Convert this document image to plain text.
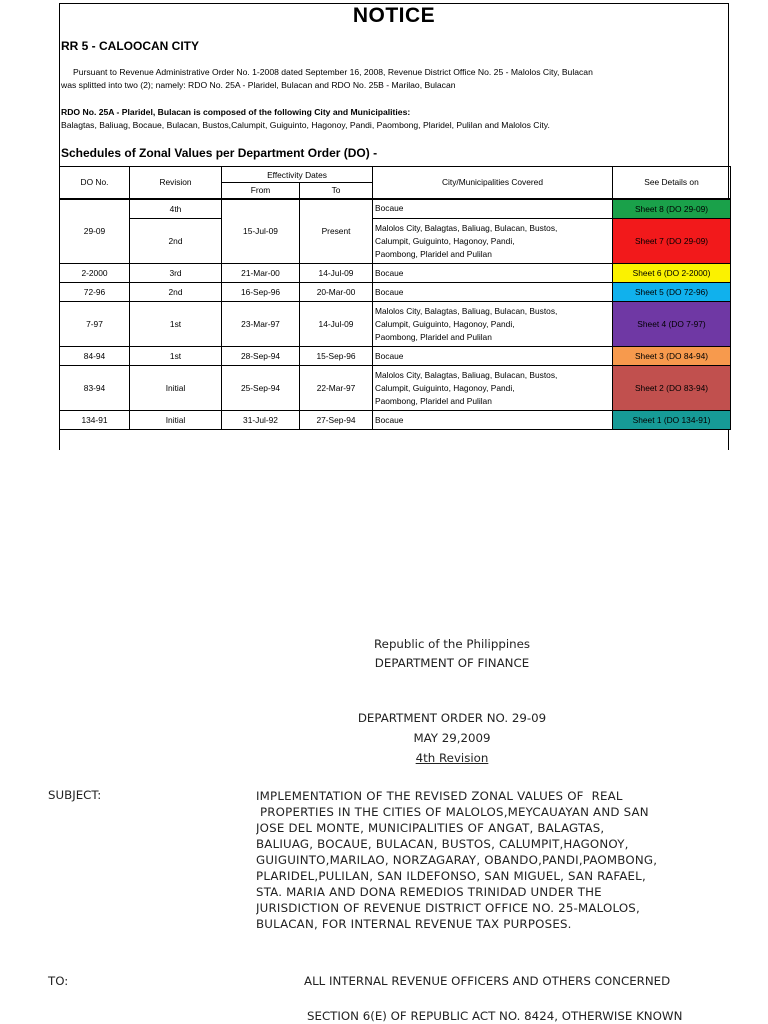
NOTICE
RR 5 - CALOOCAN CITY
Pursuant to Revenue Administrative Order No. 1-2008 dated September 16, 2008, Revenue District Office No. 25 - Malolos City, Bulacan
was splitted into two (2); namely: RDO No. 25A - Plaridel, Bulacan and RDO No. 25B - Marilao, Bulacan
RDO No. 25A - Plaridel, Bulacan is composed of the following City and Municipalities:
Balagtas, Baliuag, Bocaue, Bulacan, Bustos,Calumpit, Guiguinto, Hagonoy, Pandi, Paombong, Plaridel, Pulilan and Malolos City.
Schedules of Zonal Values per Department Order (DO) -
DO No.	Revision	Effectivity Dates		City/Municipalities Covered	See Details on
		From	To		
29-09	4th	15-Jul-09	Present	Bocaue	Sheet 8 (DO 29-09)
	2nd			Malolos City, Balagtas, Baliuag, Bulacan, Bustos,
Calumpit, Guiguinto, Hagonoy, Pandi,
Paombong, Plaridel and Pulilan	Sheet 7 (DO 29-09)
2-2000	3rd	21-Mar-00	14-Jul-09	Bocaue	Sheet 6 (DO 2-2000)
72-96	2nd	16-Sep-96	20-Mar-00	Bocaue	Sheet 5 (DO 72-96)
7-97	1st	23-Mar-97	14-Jul-09	Malolos City, Balagtas, Baliuag, Bulacan, Bustos,
Calumpit, Guiguinto, Hagonoy, Pandi,
Paombong, Plaridel and Pulilan	Sheet 4 (DO 7-97)
84-94	1st	28-Sep-94	15-Sep-96	Bocaue	Sheet 3 (DO 84-94)
83-94	Initial	25-Sep-94	22-Mar-97	Malolos City, Balagtas, Baliuag, Bulacan, Bustos,
Calumpit, Guiguinto, Hagonoy, Pandi,
Paombong, Plaridel and Pulilan	Sheet 2 (DO 83-94)
134-91	Initial	31-Jul-92	27-Sep-94	Bocaue	Sheet 1 (DO 134-91)
Republic of the Philippines
DEPARTMENT OF FINANCE
DEPARTMENT ORDER NO. 29-09
MAY 29,2009
4th Revision
SUBJECT:	IMPLEMENTATION OF THE REVISED ZONAL VALUES OF  REAL
PROPERTIES IN THE CITIES OF MALOLOS,MEYCAUAYAN AND SAN
JOSE DEL MONTE, MUNICIPALITIES OF ANGAT, BALAGTAS,
BALIUAG, BOCAUE, BULACAN, BUSTOS, CALUMPIT,HAGONOY,
GUIGUINTO,MARILAO, NORZAGARAY, OBANDO,PANDI,PAOMBONG,
PLARIDEL,PULILAN, SAN ILDEFONSO, SAN MIGUEL, SAN RAFAEL,
STA. MARIA AND DONA REMEDIOS TRINIDAD UNDER THE
JURISDICTION OF REVENUE DISTRICT OFFICE NO. 25-MALOLOS,
BULACAN, FOR INTERNAL REVENUE TAX PURPOSES.
TO:	ALL INTERNAL REVENUE OFFICERS AND OTHERS CONCERNED
SECTION 6(E) OF REPUBLIC ACT NO. 8424, OTHERWISE KNOWN
